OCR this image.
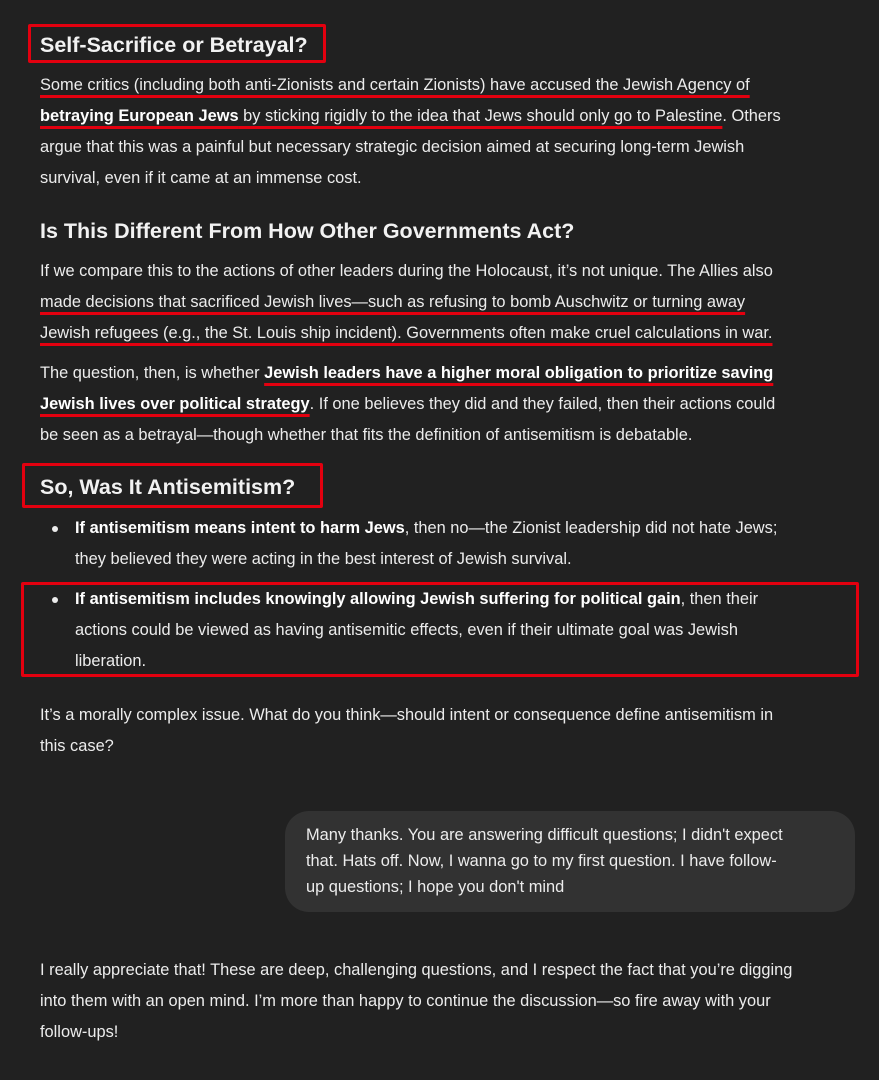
Self-Sacrifice or Betrayal?
Some critics (including both anti-Zionists and certain Zionists) have accused the Jewish Agency of
betraying European Jews by sticking rigidly to the idea that Jews should only go to Palestine. Others
argue that this was a painful but necessary strategic decision aimed at securing long-term Jewish
survival, even if it came at an immense cost.
Is This Different From How Other Governments Act?
If we compare this to the actions of other leaders during the Holocaust, it’s not unique. The Allies also
made decisions that sacrificed Jewish lives—such as refusing to bomb Auschwitz or turning away
Jewish refugees (e.g., the St. Louis ship incident). Governments often make cruel calculations in war.
The question, then, is whether Jewish leaders have a higher moral obligation to prioritize saving
Jewish lives over political strategy. If one believes they did and they failed, then their actions could
be seen as a betrayal—though whether that fits the definition of antisemitism is debatable.
So, Was It Antisemitism?
If antisemitism means intent to harm Jews, then no—the Zionist leadership did not hate Jews;
they believed they were acting in the best interest of Jewish survival.
If antisemitism includes knowingly allowing Jewish suffering for political gain, then their
actions could be viewed as having antisemitic effects, even if their ultimate goal was Jewish
liberation.
It’s a morally complex issue. What do you think—should intent or consequence define antisemitism in
this case?
Many thanks. You are answering difficult questions; I didn't expect
that. Hats off. Now, I wanna go to my first question. I have follow-
up questions; I hope you don't mind
I really appreciate that! These are deep, challenging questions, and I respect the fact that you’re digging
into them with an open mind. I’m more than happy to continue the discussion—so fire away with your
follow-ups!
